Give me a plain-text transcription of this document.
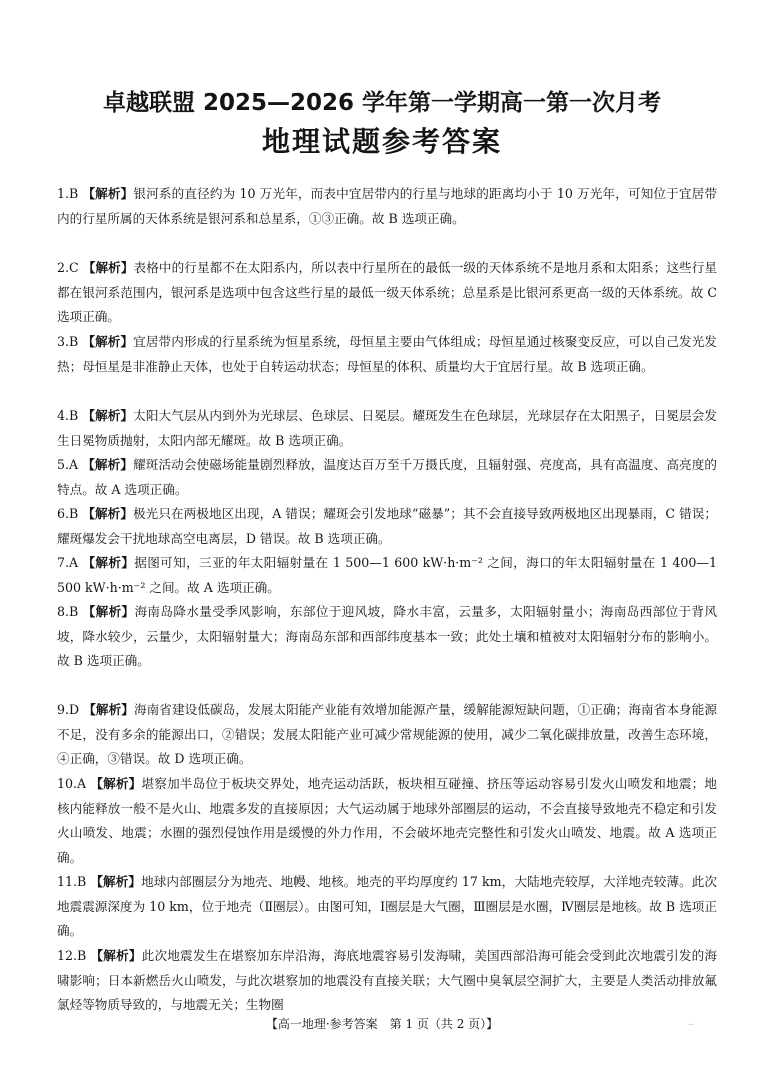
卓越联盟 2025—2026 学年第一学期高一第一次月考
地理试题参考答案
1.B 【解析】银河系的直径约为 10 万光年，而表中宜居带内的行星与地球的距离均小于 10 万光年，可知位于宜居带内的行星所属的天体系统是银河系和总星系，①③正确。故 B 选项正确。
2.C 【解析】表格中的行星都不在太阳系内，所以表中行星所在的最低一级的天体系统不是地月系和太阳系；这些行星都在银河系范围内，银河系是选项中包含这些行星的最低一级天体系统；总星系是比银河系更高一级的天体系统。故 C 选项正确。
3.B 【解析】宜居带内形成的行星系统为恒星系统，母恒星主要由气体组成；母恒星通过核聚变反应，可以自己发光发热；母恒星是非准静止天体，也处于自转运动状态；母恒星的体积、质量均大于宜居行星。故 B 选项正确。
4.B 【解析】太阳大气层从内到外为光球层、色球层、日冕层。耀斑发生在色球层，光球层存在太阳黑子，日冕层会发生日冕物质抛射，太阳内部无耀斑。故 B 选项正确。
5.A 【解析】耀斑活动会使磁场能量剧烈释放，温度达百万至千万摄氏度，且辐射强、亮度高，具有高温度、高亮度的特点。故 A 选项正确。
6.B 【解析】极光只在两极地区出现，A 错误；耀斑会引发地球“磁暴”；其不会直接导致两极地区出现暴雨，C 错误；耀斑爆发会干扰地球高空电离层，D 错误。故 B 选项正确。
7.A 【解析】据图可知，三亚的年太阳辐射量在 1 500—1 600 kW·h·m⁻² 之间，海口的年太阳辐射量在 1 400—1 500 kW·h·m⁻² 之间。故 A 选项正确。
8.B 【解析】海南岛降水量受季风影响，东部位于迎风坡，降水丰富，云量多，太阳辐射量小；海南岛西部位于背风坡，降水较少，云量少，太阳辐射量大；海南岛东部和西部纬度基本一致；此处土壤和植被对太阳辐射分布的影响小。故 B 选项正确。
9.D 【解析】海南省建设低碳岛，发展太阳能产业能有效增加能源产量，缓解能源短缺问题，①正确；海南省本身能源不足，没有多余的能源出口，②错误；发展太阳能产业可减少常规能源的使用，减少二氧化碳排放量，改善生态环境，④正确，③错误。故 D 选项正确。
10.A 【解析】堪察加半岛位于板块交界处，地壳运动活跃，板块相互碰撞、挤压等运动容易引发火山喷发和地震；地核内能释放一般不是火山、地震多发的直接原因；大气运动属于地球外部圈层的运动，不会直接导致地壳不稳定和引发火山喷发、地震；水圈的强烈侵蚀作用是缓慢的外力作用，不会破坏地壳完整性和引发火山喷发、地震。故 A 选项正确。
11.B 【解析】地球内部圈层分为地壳、地幔、地核。地壳的平均厚度约 17 km，大陆地壳较厚，大洋地壳较薄。此次地震震源深度为 10 km，位于地壳（Ⅱ圈层）。由图可知，Ⅰ圈层是大气圈，Ⅲ圈层是水圈，Ⅳ圈层是地核。故 B 选项正确。
12.B 【解析】此次地震发生在堪察加东岸沿海，海底地震容易引发海啸，美国西部沿海可能会受到此次地震引发的海啸影响；日本新燃岳火山喷发，与此次堪察加的地震没有直接关联；大气圈中臭氧层空洞扩大，主要是人类活动排放氟氯烃等物质导致的，与地震无关；生物圈
【高一地理·参考答案　第 1 页（共 2 页）】	..
